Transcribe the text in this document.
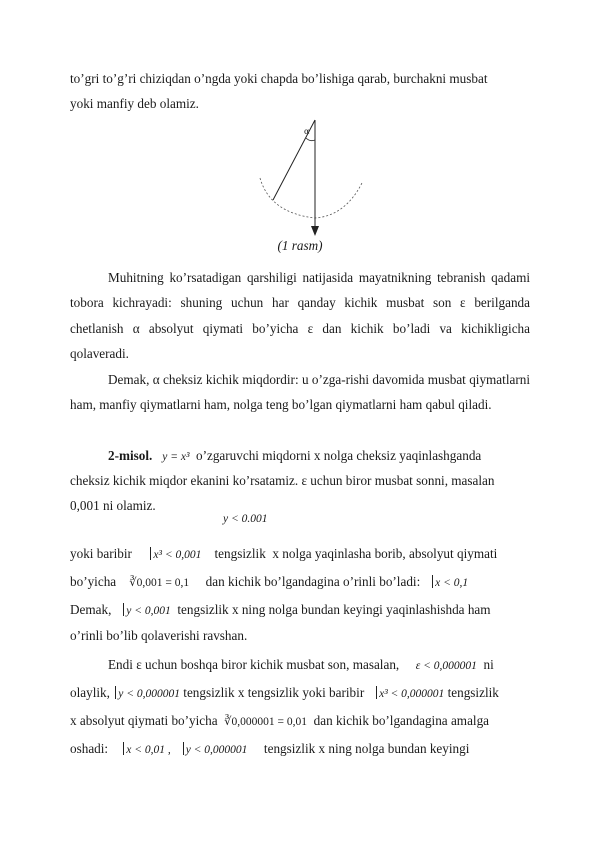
to’gri to’g’ri chiziqdan o’ngda yoki chapda bo’lishiga qarab, burchakni musbat
yoki manfiy deb olamiz.
α
(1 rasm)
Muhitning ko’rsatadigan qarshiligi natijasida mayatnikning tebranish qadami tobora kichrayadi: shuning uchun har qanday kichik musbat son ε berilganda chetlanish α absolyut qiymati bo’yicha ε dan kichik bo’ladi va kichikligicha qolaveradi.
Demak, α cheksiz kichik miqdordir: u o’zga-rishi davomida musbat qiymatlarni ham, manfiy qiymatlarni ham, nolga teng bo’lgan qiymatlarni ham qabul qiladi.
2-misol. y = x³ o’zgaruvchi miqdorni x nolga cheksiz yaqinlashganda
cheksiz kichik miqdor ekanini ko’rsatamiz. ε uchun biror musbat sonni, masalan
0,001 ni olamiz.
y < 0.001
yoki baribir x³ < 0,001 tengsizlik x nolga yaqinlasha borib, absolyut qiymati
bo’yicha ∛0,001 = 0,1 dan kichik bo’lgandagina o’rinli bo’ladi: x < 0,1
Demak, y < 0,001 tengsizlik x ning nolga bundan keyingi yaqinlashishda ham
o’rinli bo’lib qolaverishi ravshan.
Endi ε uchun boshqa biror kichik musbat son, masalan, ε < 0,000001 ni
olaylik, y < 0,000001 tengsizlik x tengsizlik yoki baribir x³ < 0,000001 tengsizlik
x absolyut qiymati bo’yicha ∛0,000001 = 0,01 dan kichik bo’lgandagina amalga
oshadi: x < 0,01 , y < 0,000001 tengsizlik x ning nolga bundan keyingi
